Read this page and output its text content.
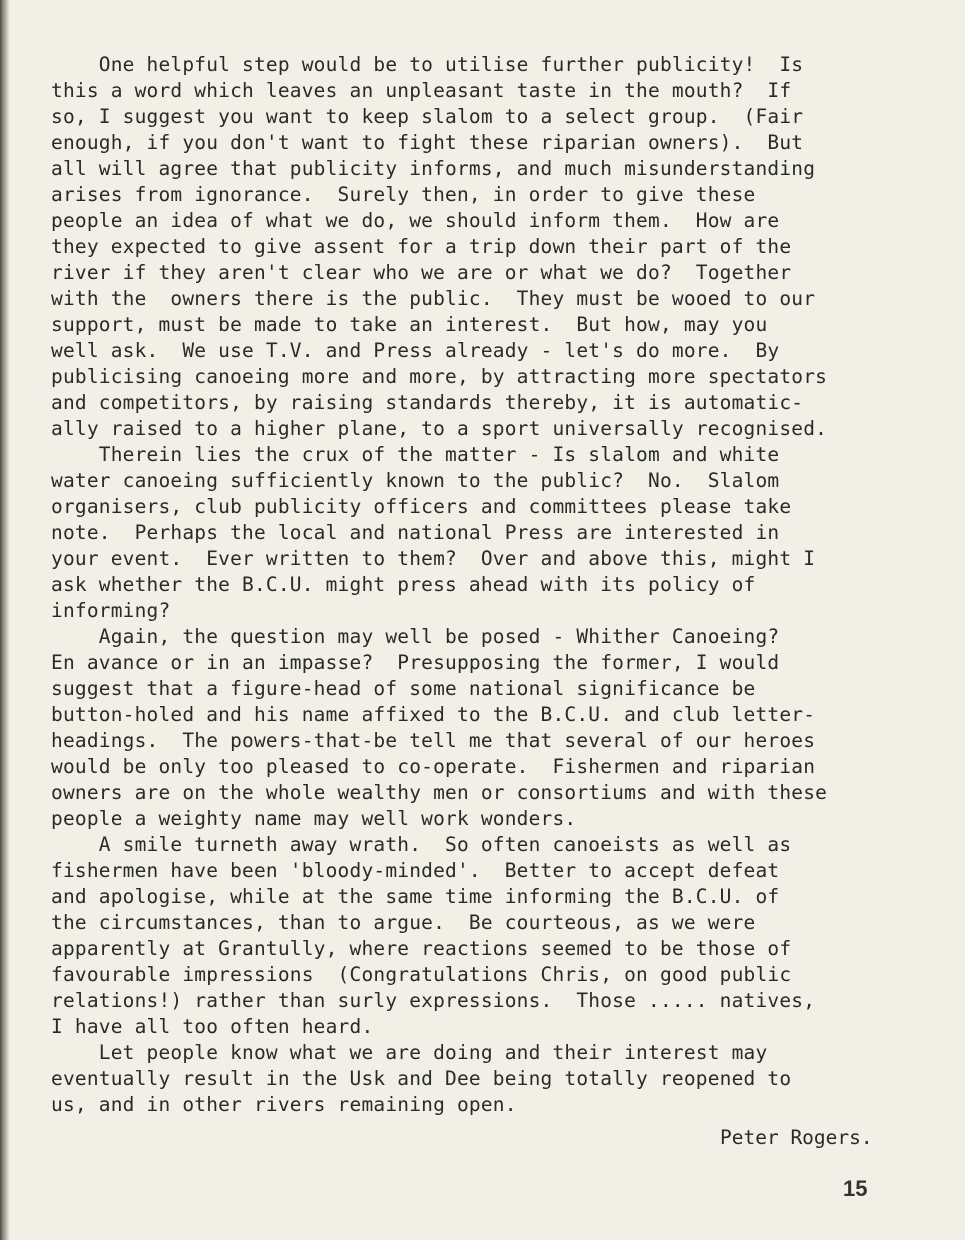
One helpful step would be to utilise further publicity!  Is
this a word which leaves an unpleasant taste in the mouth?  If
so, I suggest you want to keep slalom to a select group.  (Fair
enough, if you don't want to fight these riparian owners).  But
all will agree that publicity informs, and much misunderstanding
arises from ignorance.  Surely then, in order to give these
people an idea of what we do, we should inform them.  How are
they expected to give assent for a trip down their part of the
river if they aren't clear who we are or what we do?  Together
with the  owners there is the public.  They must be wooed to our
support, must be made to take an interest.  But how, may you
well ask.  We use T.V. and Press already - let's do more.  By
publicising canoeing more and more, by attracting more spectators
and competitors, by raising standards thereby, it is automatic-
ally raised to a higher plane, to a sport universally recognised.
Therein lies the crux of the matter - Is slalom and white
water canoeing sufficiently known to the public?  No.  Slalom
organisers, club publicity officers and committees please take
note.  Perhaps the local and national Press are interested in
your event.  Ever written to them?  Over and above this, might I
ask whether the B.C.U. might press ahead with its policy of
informing?
Again, the question may well be posed - Whither Canoeing?
En avance or in an impasse?  Presupposing the former, I would
suggest that a figure-head of some national significance be
button-holed and his name affixed to the B.C.U. and club letter-
headings.  The powers-that-be tell me that several of our heroes
would be only too pleased to co-operate.  Fishermen and riparian
owners are on the whole wealthy men or consortiums and with these
people a weighty name may well work wonders.
A smile turneth away wrath.  So often canoeists as well as
fishermen have been 'bloody-minded'.  Better to accept defeat
and apologise, while at the same time informing the B.C.U. of
the circumstances, than to argue.  Be courteous, as we were
apparently at Grantully, where reactions seemed to be those of
favourable impressions  (Congratulations Chris, on good public
relations!) rather than surly expressions.  Those ..... natives,
I have all too often heard.
Let people know what we are doing and their interest may
eventually result in the Usk and Dee being totally reopened to
us, and in other rivers remaining open.
Peter Rogers.
15
